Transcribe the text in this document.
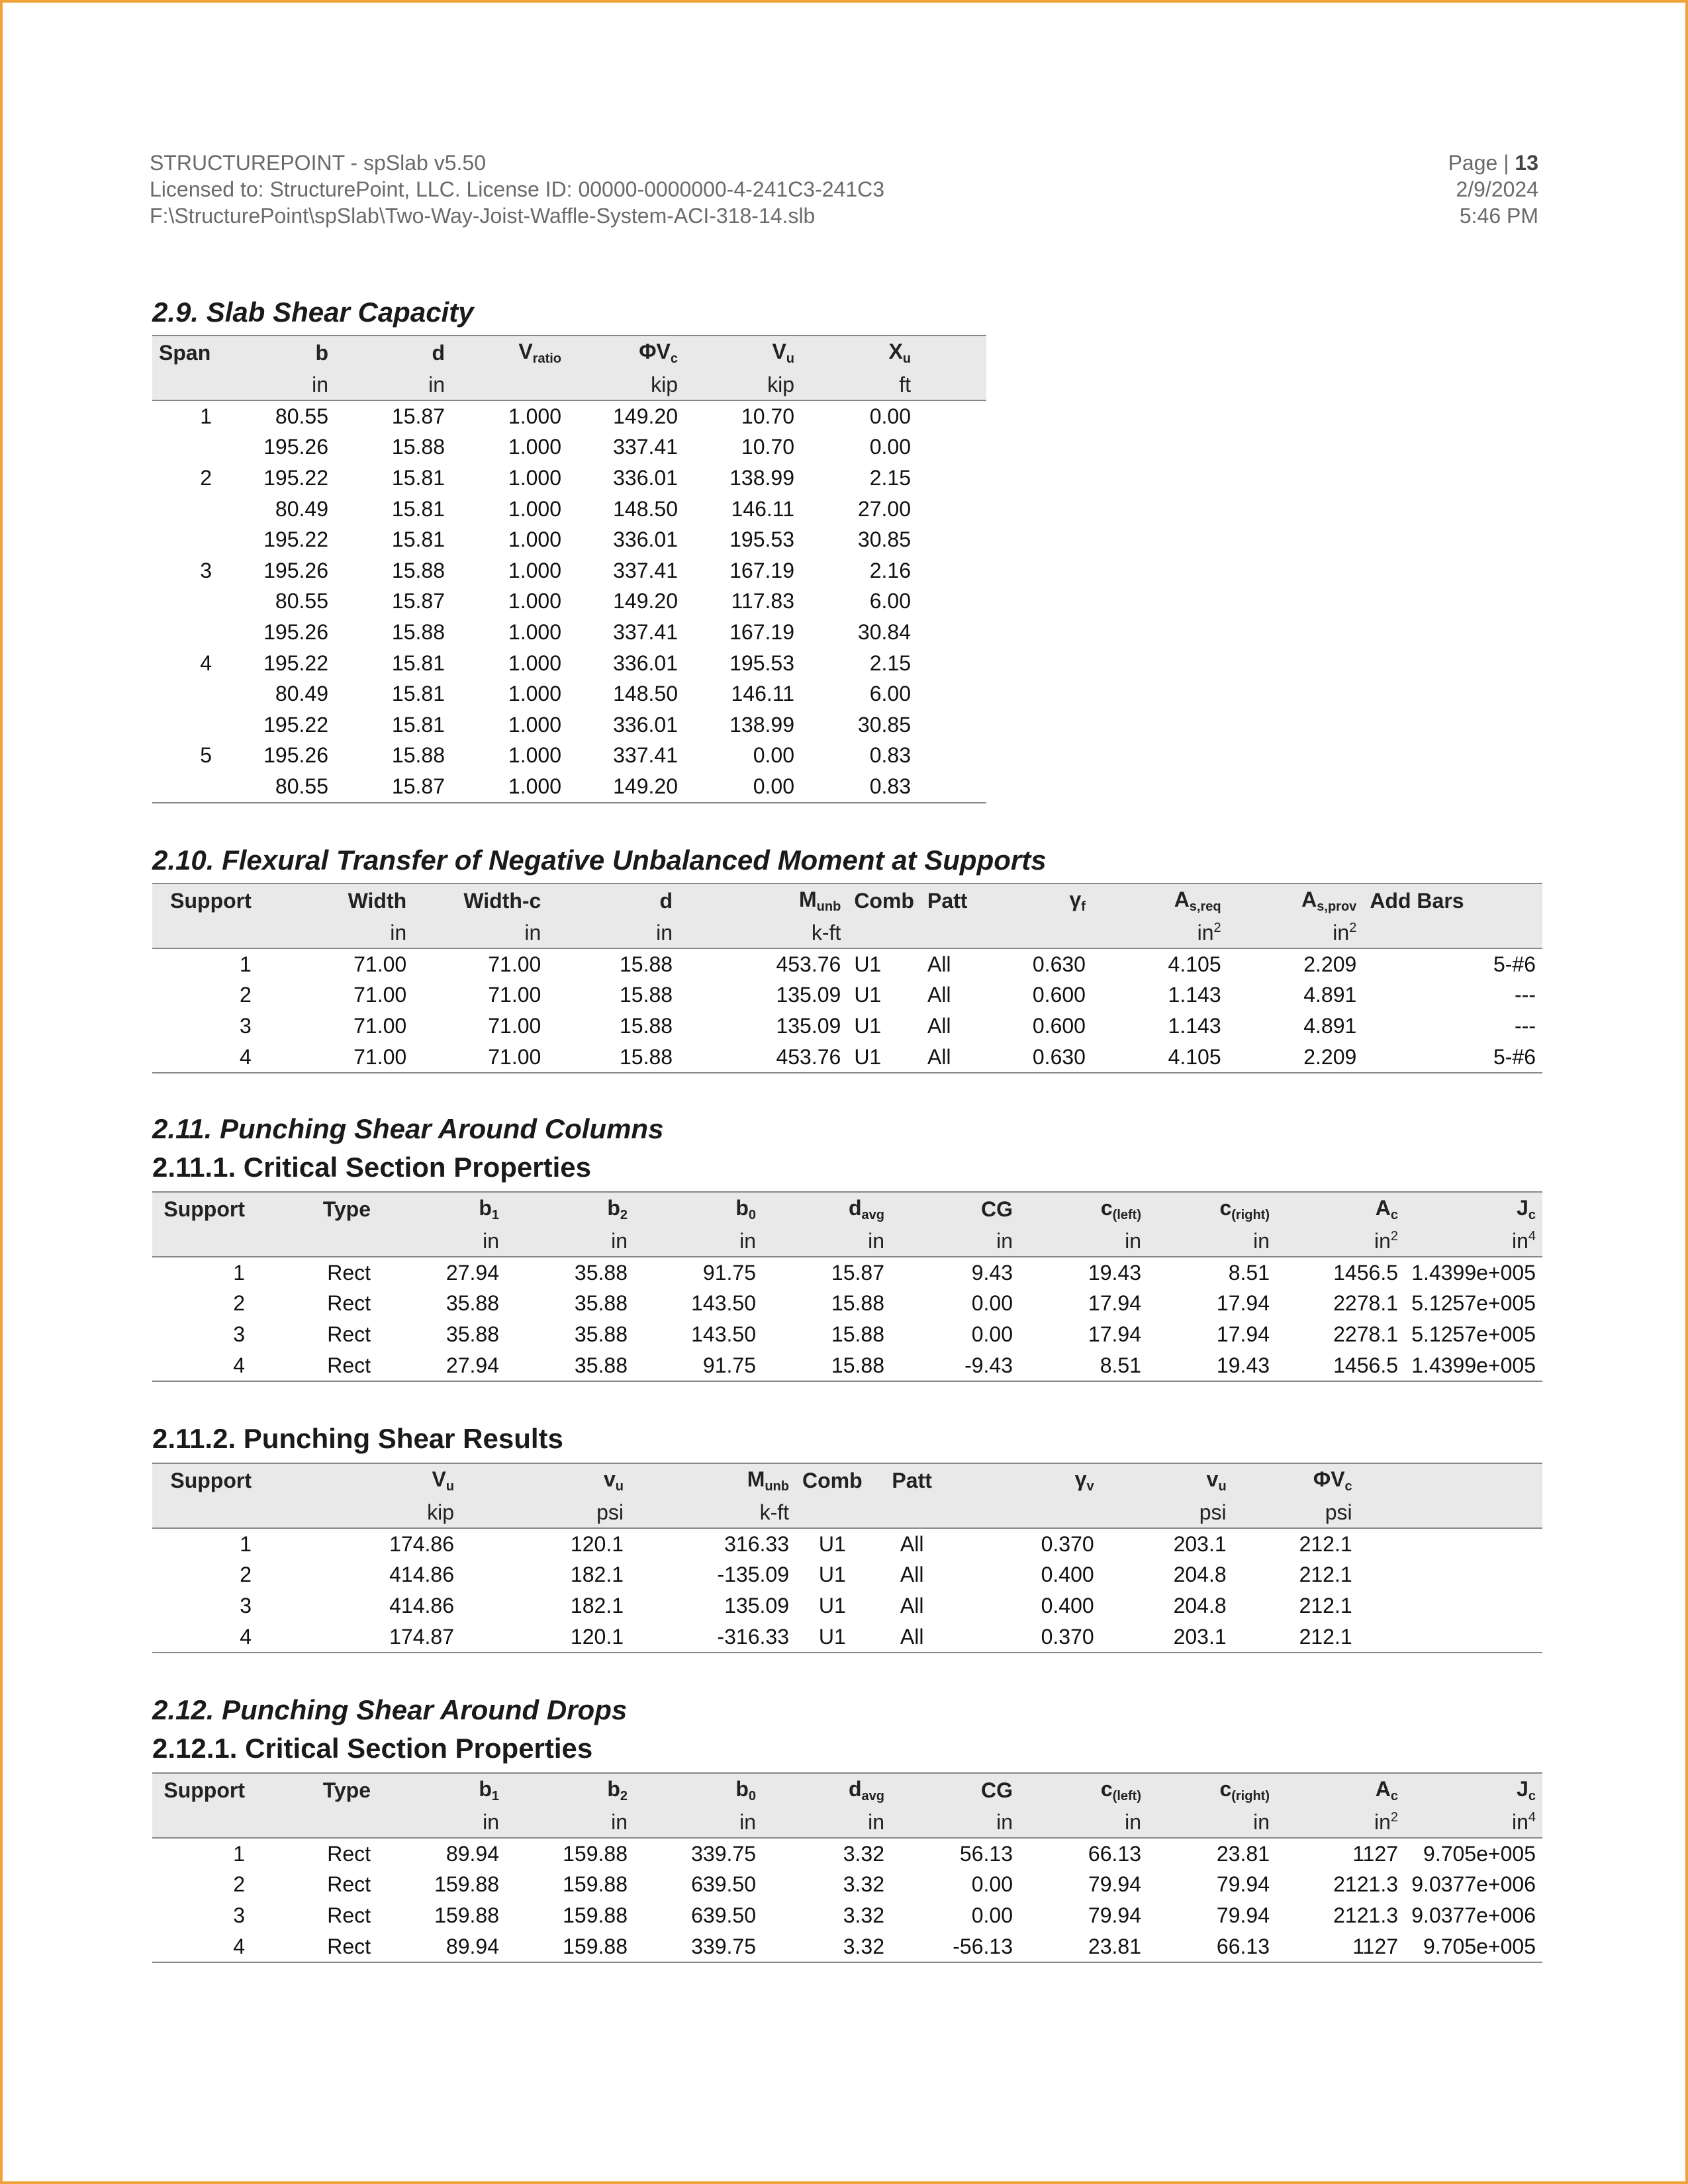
STRUCTUREPOINT - spSlab v5.50
Licensed to: StructurePoint, LLC. License ID: 00000-0000000-4-241C3-241C3
F:\StructurePoint\spSlab\Two-Way-Joist-Waffle-System-ACI-318-14.slb
Page | 13
2/9/2024
5:46 PM
2.9. Slab Shear Capacity
Span	b	d	$V_{ratio}$	$\Phi V_c$	$V_u$	$X_u$	
	in	in		kip	kip	ft	
1	80.55	15.87	1.000	149.20	10.70	0.00	
	195.26	15.88	1.000	337.41	10.70	0.00	
2	195.22	15.81	1.000	336.01	138.99	2.15	
	80.49	15.81	1.000	148.50	146.11	27.00	
	195.22	15.81	1.000	336.01	195.53	30.85	
3	195.26	15.88	1.000	337.41	167.19	2.16	
	80.55	15.87	1.000	149.20	117.83	6.00	
	195.26	15.88	1.000	337.41	167.19	30.84	
4	195.22	15.81	1.000	336.01	195.53	2.15	
	80.49	15.81	1.000	148.50	146.11	6.00	
	195.22	15.81	1.000	336.01	138.99	30.85	
5	195.26	15.88	1.000	337.41	0.00	0.83	
	80.55	15.87	1.000	149.20	0.00	0.83	
2.10. Flexural Transfer of Negative Unbalanced Moment at Supports
Support	Width	Width-c	d	$M_{unb}$	Comb	Patt	$\gamma_f$	$A_{s,req}$	$A_{s,prov}$	Add Bars
	in	in	in	k-ft				$in^2$	$in^2$	
1	71.00	71.00	15.88	453.76	U1	All	0.630	4.105	2.209	5-#6
2	71.00	71.00	15.88	135.09	U1	All	0.600	1.143	4.891	---
3	71.00	71.00	15.88	135.09	U1	All	0.600	1.143	4.891	---
4	71.00	71.00	15.88	453.76	U1	All	0.630	4.105	2.209	5-#6
2.11. Punching Shear Around Columns
2.11.1. Critical Section Properties
Support	Type	$b_1$	$b_2$	$b_0$	$d_{avg}$	CG	$c_{(left)}$	$c_{(right)}$	$A_c$	$J_c$
		in	in	in	in	in	in	in	$in^2$	$in^4$
1	Rect	27.94	35.88	91.75	15.87	9.43	19.43	8.51	1456.5	1.4399e+005
2	Rect	35.88	35.88	143.50	15.88	0.00	17.94	17.94	2278.1	5.1257e+005
3	Rect	35.88	35.88	143.50	15.88	0.00	17.94	17.94	2278.1	5.1257e+005
4	Rect	27.94	35.88	91.75	15.88	-9.43	8.51	19.43	1456.5	1.4399e+005
2.11.2. Punching Shear Results
Support	$V_u$	$v_u$	$M_{unb}$	Comb	Patt	$\gamma_v$	$v_u$	$\Phi V_c$	
	kip	psi	k-ft				psi	psi	
1	174.86	120.1	316.33	U1	All	0.370	203.1	212.1	
2	414.86	182.1	-135.09	U1	All	0.400	204.8	212.1	
3	414.86	182.1	135.09	U1	All	0.400	204.8	212.1	
4	174.87	120.1	-316.33	U1	All	0.370	203.1	212.1	
2.12. Punching Shear Around Drops
2.12.1. Critical Section Properties
Support	Type	$b_1$	$b_2$	$b_0$	$d_{avg}$	CG	$c_{(left)}$	$c_{(right)}$	$A_c$	$J_c$
		in	in	in	in	in	in	in	$in^2$	$in^4$
1	Rect	89.94	159.88	339.75	3.32	56.13	66.13	23.81	1127	9.705e+005
2	Rect	159.88	159.88	639.50	3.32	0.00	79.94	79.94	2121.3	9.0377e+006
3	Rect	159.88	159.88	639.50	3.32	0.00	79.94	79.94	2121.3	9.0377e+006
4	Rect	89.94	159.88	339.75	3.32	-56.13	23.81	66.13	1127	9.705e+005
